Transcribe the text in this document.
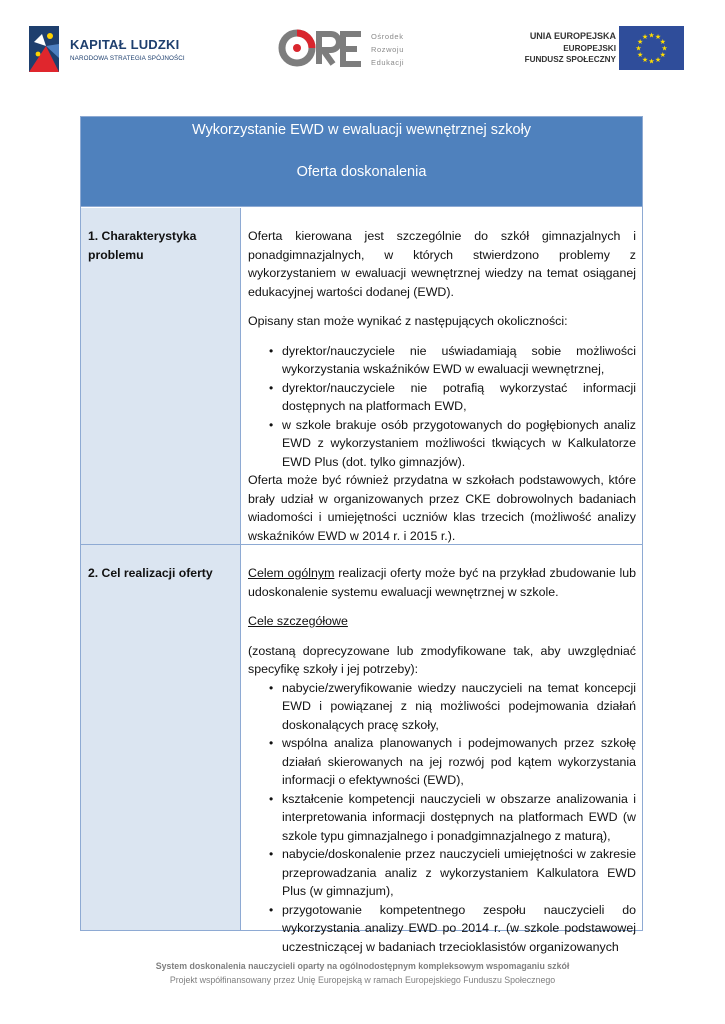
KAPITAŁ LUDZKI
NARODOWA STRATEGIA SPÓJNOŚCI
Ośrodek
Rozwoju
Edukacji
UNIA EUROPEJSKA
EUROPEJSKI
FUNDUSZ SPOŁECZNY
★ ★
★
★
★
★
★
★
★
★
★
★
Wykorzystanie EWD w ewaluacji wewnętrznej szkoły
Oferta doskonalenia
1. Charakterystyka
problemu

Oferta kierowana jest szczególnie do szkół gimnazjalnych i ponadgimnazjalnych, w których stwierdzono problemy z wykorzystaniem w ewaluacji wewnętrznej wiedzy na temat osiąganej edukacyjnej wartości dodanej (EWD).

Opisany stan może wynikać z następujących okoliczności:

• dyrektor/nauczyciele nie uświadamiają sobie możliwości wykorzystania wskaźników EWD w ewaluacji wewnętrznej,
• dyrektor/nauczyciele nie potrafią wykorzystać informacji dostępnych na platformach EWD,
• w szkole brakuje osób przygotowanych do pogłębionych analiz EWD z wykorzystaniem możliwości tkwiących w Kalkulatorze EWD Plus (dot. tylko gimnazjów).

Oferta może być również przydatna w szkołach podstawowych, które brały udział w organizowanych przez CKE dobrowolnych badaniach wiadomości i umiejętności uczniów klas trzecich (możliwość analizy wskaźników EWD w 2014 r. i 2015 r.).

2. Cel realizacji oferty	Celem ogólnym realizacji oferty może być na przykład zbudowanie lub udoskonalenie systemu ewaluacji wewnętrznej w szkole.

Cele szczegółowe

(zostaną doprecyzowane lub zmodyfikowane tak, aby uwzględniać specyfikę szkoły i jej potrzeby):

• nabycie/zweryfikowanie wiedzy nauczycieli na temat koncepcji EWD i powiązanej z nią możliwości podejmowania działań doskonalących pracę szkoły,
• wspólna analiza planowanych i podejmowanych przez szkołę działań skierowanych na jej rozwój pod kątem wykorzystania informacji o efektywności (EWD),
• kształcenie kompetencji nauczycieli w obszarze analizowania i interpretowania informacji dostępnych na platformach EWD (w szkole typu gimnazjalnego i ponadgimnazjalnego z maturą),
• nabycie/doskonalenie przez nauczycieli umiejętności w zakresie przeprowadzania analiz z wykorzystaniem Kalkulatora EWD Plus (w gimnazjum),
• przygotowanie kompetentnego zespołu nauczycieli do wykorzystania analizy EWD po 2014 r. (w szkole podstawowej uczestniczącej w badaniach trzecioklasistów organizowanych
System doskonalenia nauczycieli oparty na ogólnodostępnym kompleksowym wspomaganiu szkół
Projekt współfinansowany przez Unię Europejską w ramach Europejskiego Funduszu Społecznego
